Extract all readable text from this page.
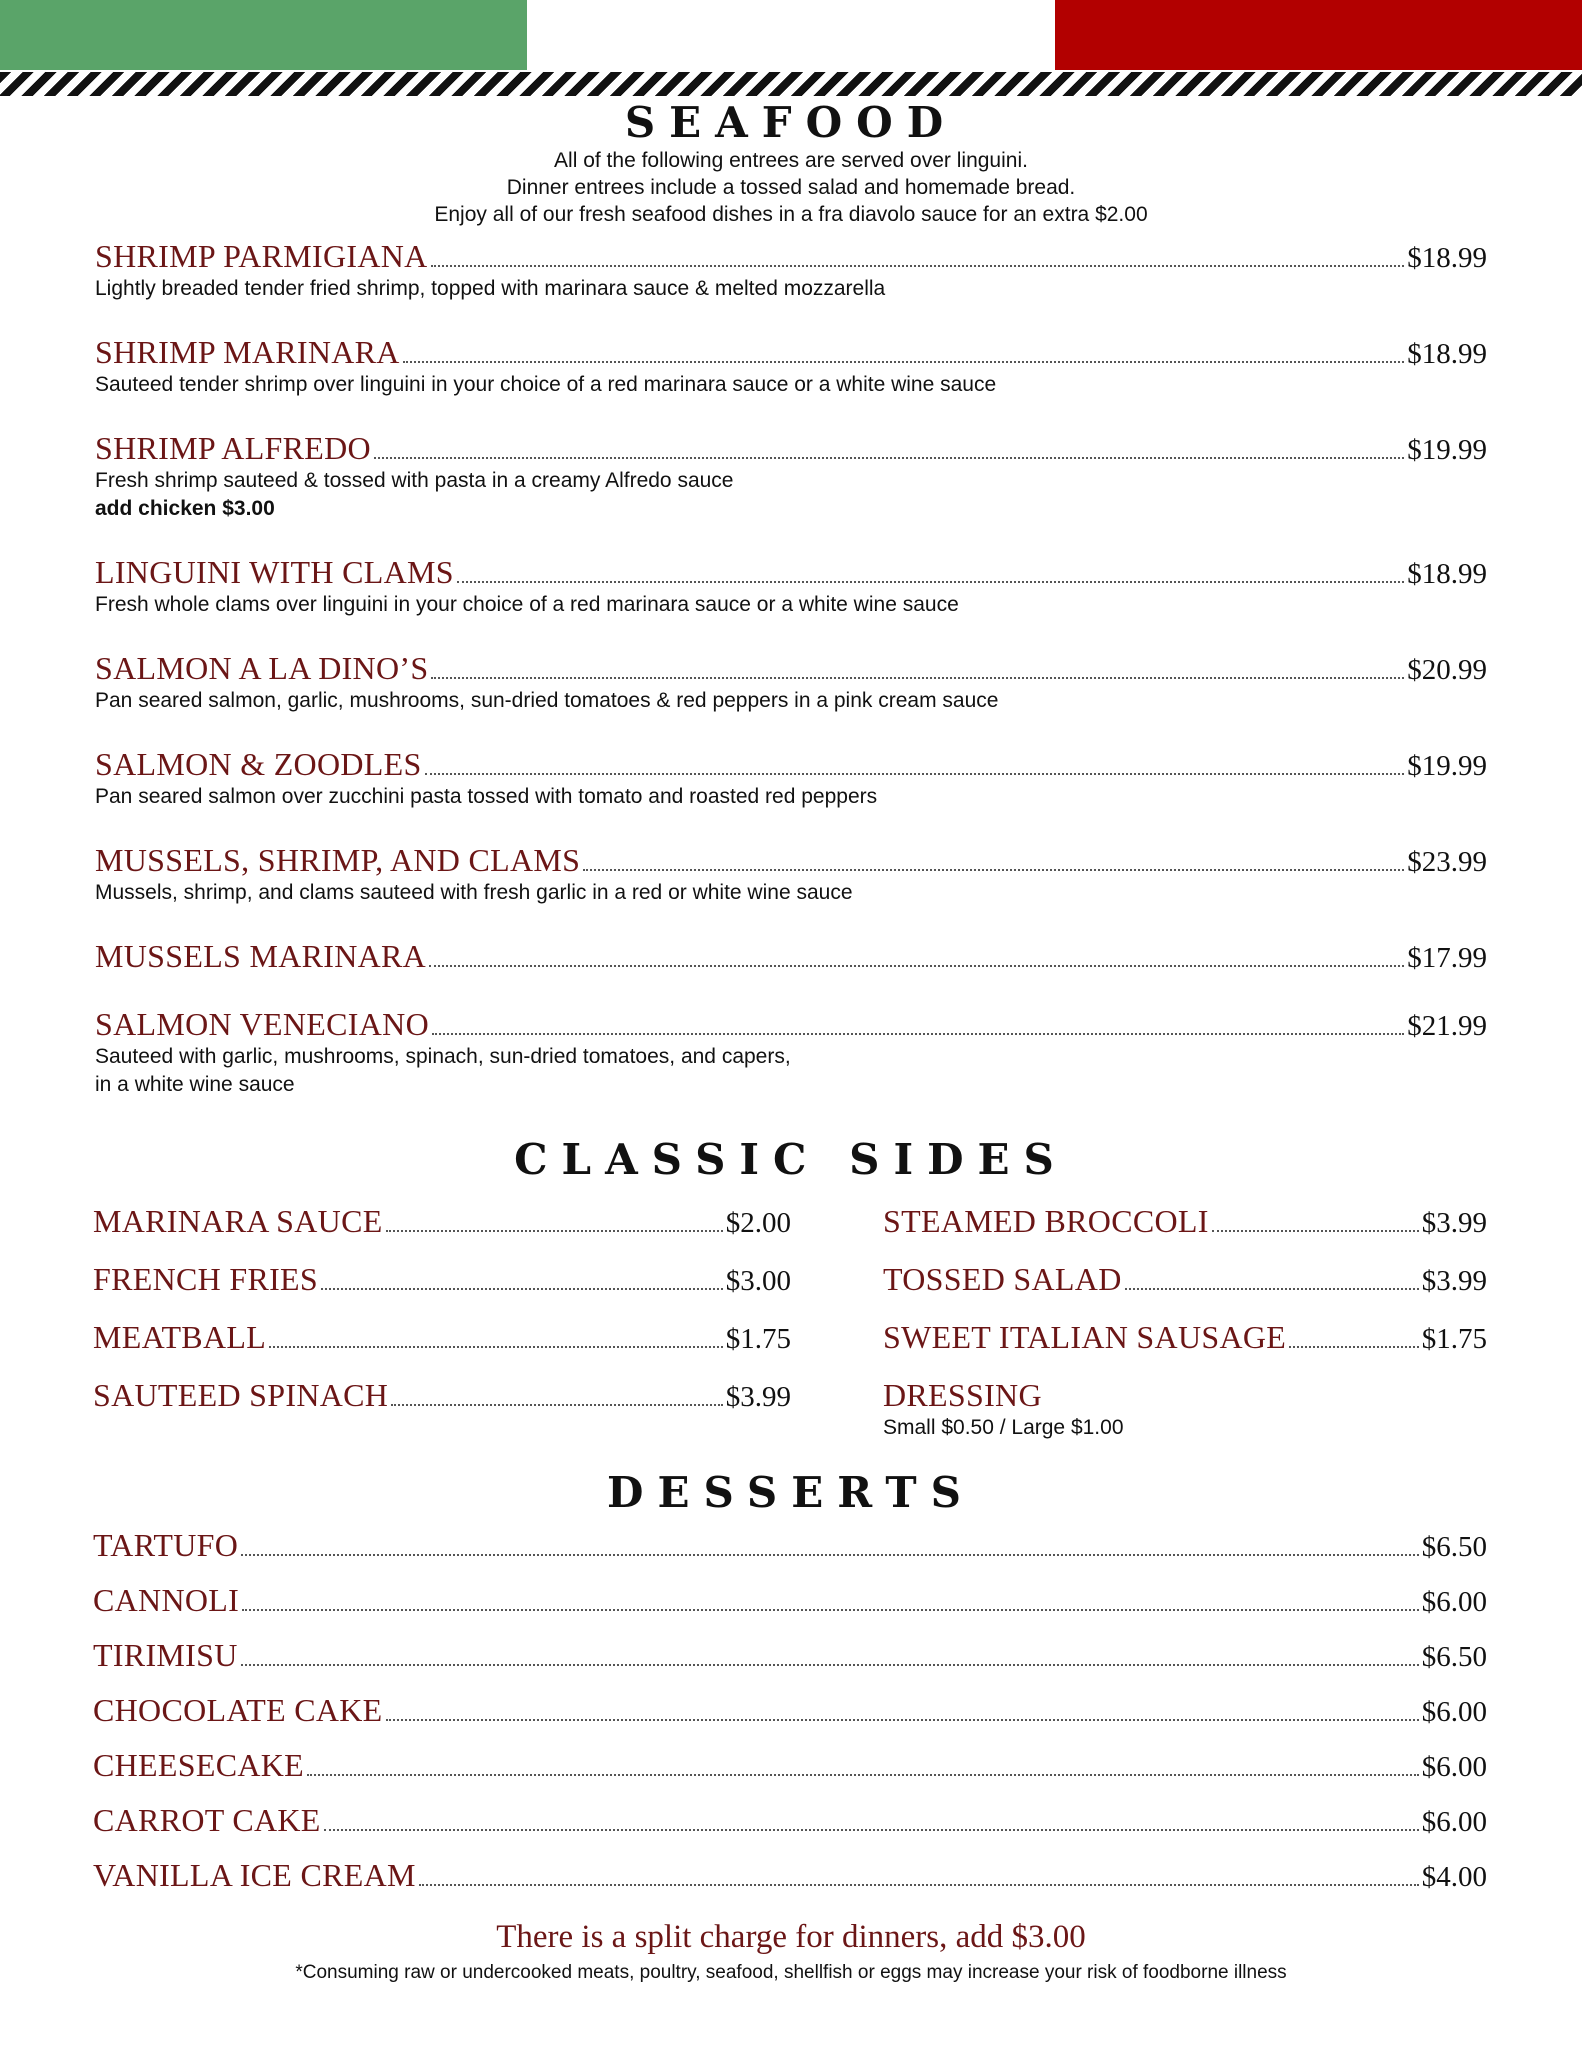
SEAFOOD
All of the following entrees are served over linguini.
Dinner entrees include a tossed salad and homemade bread.
Enjoy all of our fresh seafood dishes in a fra diavolo sauce for an extra $2.00
SHRIMP PARMIGIANA	$18.99
Lightly breaded tender fried shrimp, topped with marinara sauce & melted mozzarella
SHRIMP MARINARA	$18.99
Sauteed tender shrimp over linguini in your choice of a red marinara sauce or a white wine sauce
SHRIMP ALFREDO	$19.99
Fresh shrimp sauteed & tossed with pasta in a creamy Alfredo sauce
add chicken $3.00
LINGUINI WITH CLAMS	$18.99
Fresh whole clams over linguini in your choice of a red marinara sauce or a white wine sauce
SALMON A LA DINO’S	$20.99
Pan seared salmon, garlic, mushrooms, sun-dried tomatoes & red peppers in a pink cream sauce
SALMON & ZOODLES	$19.99
Pan seared salmon over zucchini pasta tossed with tomato and roasted red peppers
MUSSELS, SHRIMP, AND CLAMS	$23.99
Mussels, shrimp, and clams sauteed with fresh garlic in a red or white wine sauce
MUSSELS MARINARA	$17.99
SALMON VENECIANO	$21.99
Sauteed with garlic, mushrooms, spinach, sun-dried tomatoes, and capers,
in a white wine sauce
CLASSIC SIDES
MARINARA SAUCE	$2.00
FRENCH FRIES	$3.00
MEATBALL	$1.75
SAUTEED SPINACH	$3.99
STEAMED BROCCOLI	$3.99
TOSSED SALAD	$3.99
SWEET ITALIAN SAUSAGE	$1.75
DRESSING
Small $0.50 / Large $1.00
DESSERTS
TARTUFO	$6.50
CANNOLI	$6.00
TIRIMISU	$6.50
CHOCOLATE CAKE	$6.00
CHEESECAKE	$6.00
CARROT CAKE	$6.00
VANILLA ICE CREAM	$4.00
There is a split charge for dinners, add $3.00
*Consuming raw or undercooked meats, poultry, seafood, shellfish or eggs may increase your risk of foodborne illness
